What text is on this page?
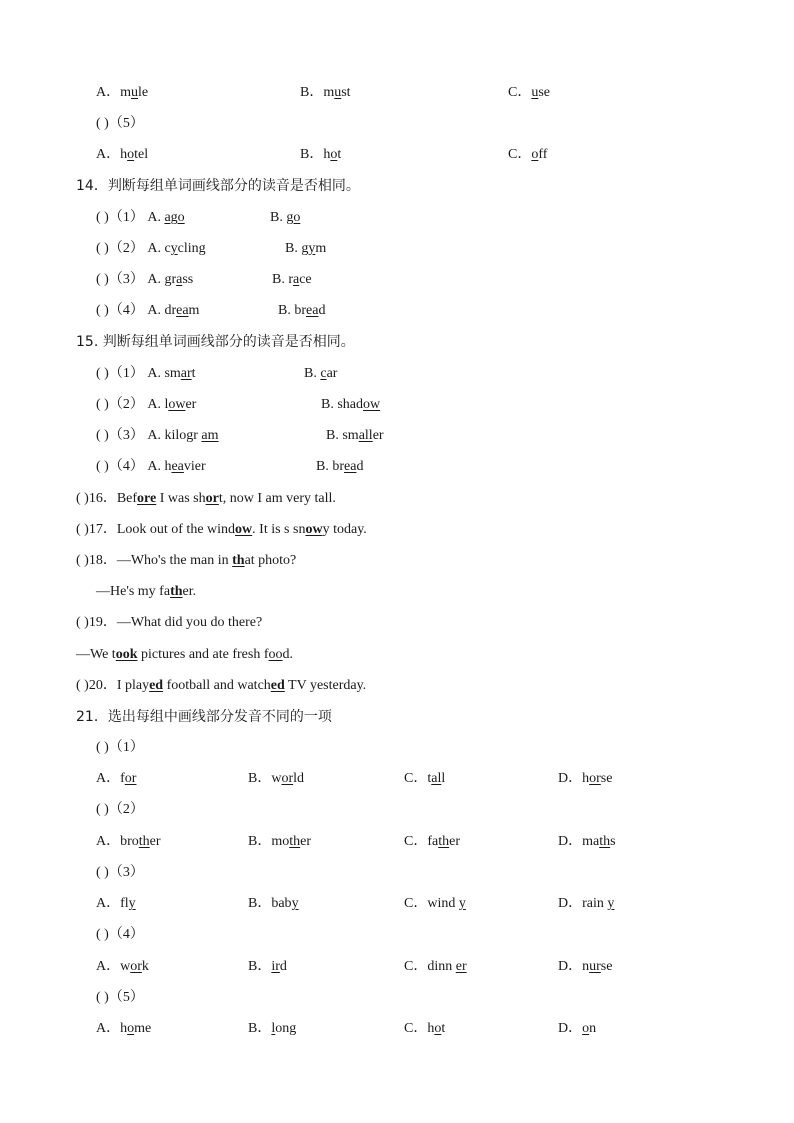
A．mule	B．must	C．use
( )（5）
A．hotel	B．hot	C．off
14．判断每组单词画线部分的读音是否相同。
( )（1） A. ago	B. go
( )（2） A. cycling	B. gym
( )（3） A. grass	B. race
( )（4） A. dream	B. bread
15. 判断每组单词画线部分的读音是否相同。
( )（1） A. smart	B. car
( )（2） A. lower	B. shadow
( )（3） A. kilogr am	B. smaller
( )（4） A. heavier	B. bread
( )16．Before I was short, now I am very tall.
( )17．Look out of the window. It is s snowy today.
( )18．—Who's the man in that photo?
—He's my father.
( )19．—What did you do there?
—We took pictures and ate fresh food.
( )20．I played football and watched TV yesterday.
21．选出每组中画线部分发音不同的一项
( )（1）
A．for	B．world	C．tall	D．horse
( )（2）
A．brother	B．mother	C．father	D．maths
( )（3）
A．fly	B．baby	C．wind y	D．rain y
( )（4）
A．work	B．ird	C．dinn er	D．nurse
( )（5）
A．home	B．long	C．hot	D．on
